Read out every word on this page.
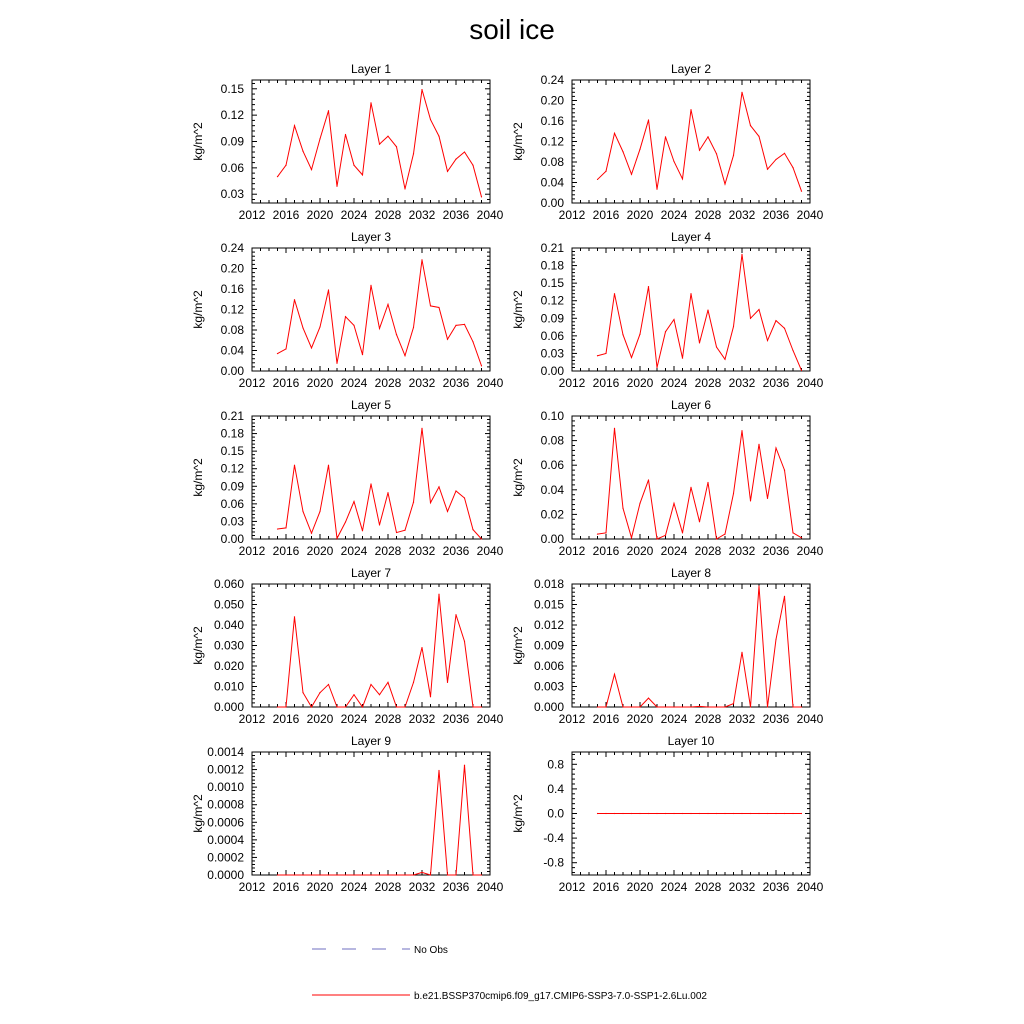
soil ice
Layer 1
kg/m^2
2012 2016 2020 2024 2028 2032 2036 2040
0.03
0.06
0.09
0.12
0.15
Layer 2
kg/m^2
2012 2016 2020 2024 2028 2032 2036 2040
0.00
0.04
0.08
0.12
0.16
0.20
0.24
Layer 3
kg/m^2
2012 2016 2020 2024 2028 2032 2036 2040
0.00
0.04
0.08
0.12
0.16
0.20
0.24
Layer 4
kg/m^2
2012 2016 2020 2024 2028 2032 2036 2040
0.00
0.03
0.06
0.09
0.12
0.15
0.18
0.21
Layer 5
kg/m^2
2012 2016 2020 2024 2028 2032 2036 2040
0.00
0.03
0.06
0.09
0.12
0.15
0.18
0.21
Layer 6
kg/m^2
2012 2016 2020 2024 2028 2032 2036 2040
0.00
0.02
0.04
0.06
0.08
0.10
Layer 7
kg/m^2
2012 2016 2020 2024 2028 2032 2036 2040
0.000
0.010
0.020
0.030
0.040
0.050
0.060
Layer 8
kg/m^2
2012 2016 2020 2024 2028 2032 2036 2040
0.000
0.003
0.006
0.009
0.012
0.015
0.018
Layer 9
kg/m^2
2012 2016 2020 2024 2028 2032 2036 2040
0.0000
0.0002
0.0004
0.0006
0.0008
0.0010
0.0012
0.0014
Layer 10
kg/m^2
2012 2016 2020 2024 2028 2032 2036 2040
-0.8
-0.4
0.0
0.4
0.8
No Obs
b.e21.BSSP370cmip6.f09_g17.CMIP6-SSP3-7.0-SSP1-2.6Lu.002
